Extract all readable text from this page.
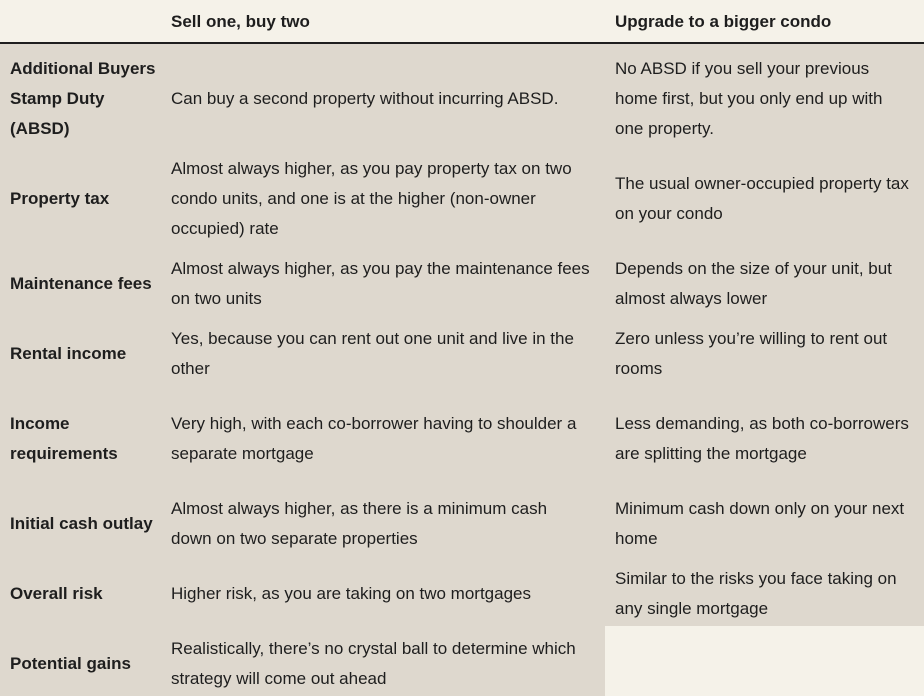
Sell one, buy two	Upgrade to a bigger condo
Additional Buyers Stamp Duty (ABSD)
Can buy a second property without incurring ABSD.
No ABSD if you sell your previous home first, but you only end up with one property.
Property tax
Almost always higher, as you pay property tax on two condo units, and one is at the higher (non-owner occupied) rate
The usual owner-occupied property tax on your condo
Maintenance fees
Almost always higher, as you pay the maintenance fees on two units
Depends on the size of your unit, but almost always lower
Rental income
Yes, because you can rent out one unit and live in the other
Zero unless you’re willing to rent out rooms
Income requirements
Very high, with each co-borrower having to shoulder a separate mortgage
Less demanding, as both co-borrowers are splitting the mortgage
Initial cash outlay
Almost always higher, as there is a minimum cash down on two separate properties
Minimum cash down only on your next home
Overall risk	Higher risk, as you are taking on two mortgages
Similar to the risks you face taking on any single mortgage
Potential gains
Realistically, there’s no crystal ball to determine which strategy will come out ahead
